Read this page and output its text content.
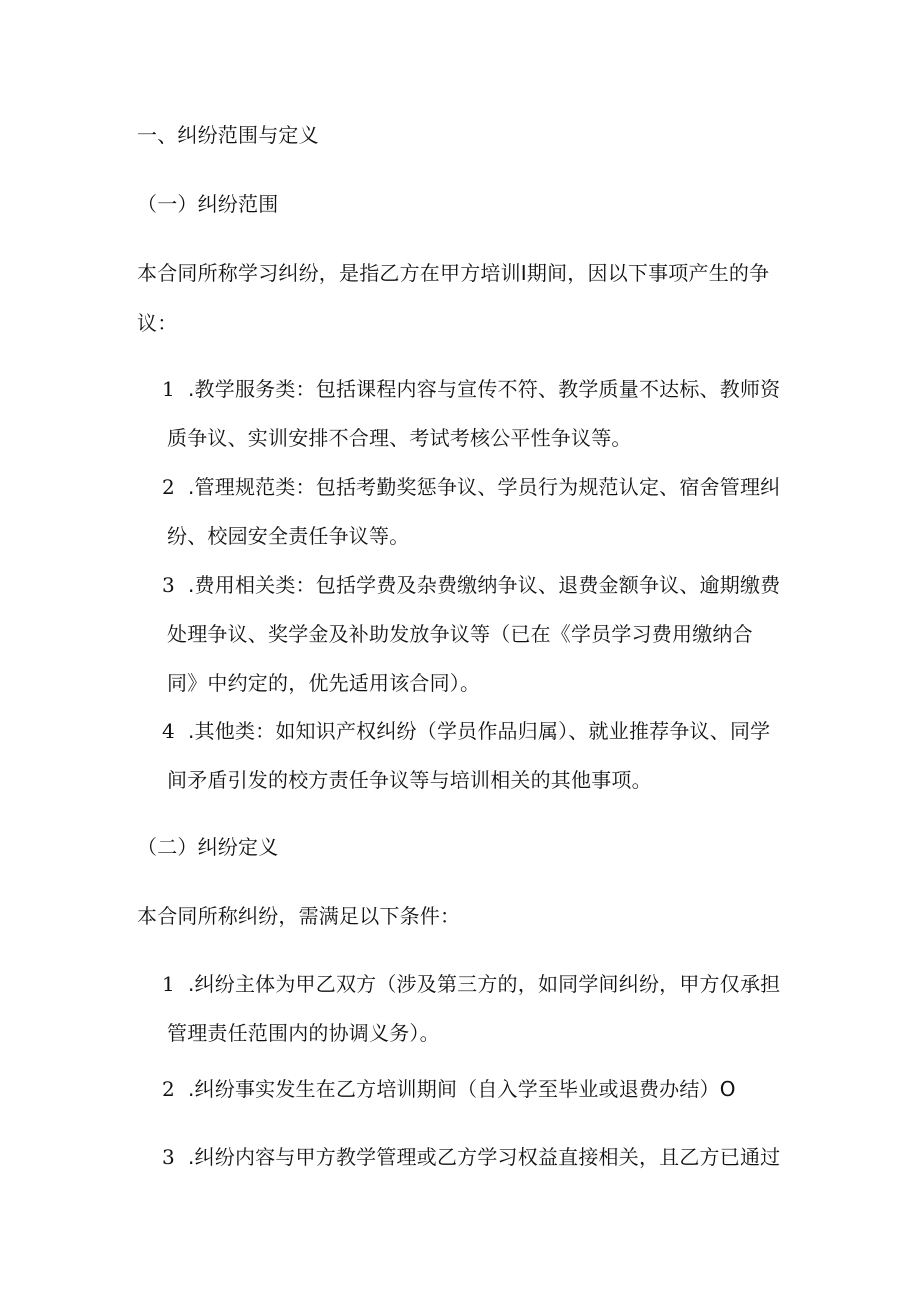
一、纠纷范围与定义
（一）纠纷范围
本合同所称学习纠纷，是指乙方在甲方培训I期间，因以下事项产生的争
议：
1 .教学服务类：包括课程内容与宣传不符、教学质量不达标、教师资
质争议、实训安排不合理、考试考核公平性争议等。
2 .管理规范类：包括考勤奖惩争议、学员行为规范认定、宿舍管理纠
纷、校园安全责任争议等。
3 .费用相关类：包括学费及杂费缴纳争议、退费金额争议、逾期缴费
处理争议、奖学金及补助发放争议等（已在《学员学习费用缴纳合
同》中约定的，优先适用该合同）。
4 .其他类：如知识产权纠纷（学员作品归属）、就业推荐争议、同学
间矛盾引发的校方责任争议等与培训相关的其他事项。
（二）纠纷定义
本合同所称纠纷，需满足以下条件：
1 .纠纷主体为甲乙双方（涉及第三方的，如同学间纠纷，甲方仅承担
管理责任范围内的协调义务）。
2 .纠纷事实发生在乙方培训期间（自入学至毕业或退费办结）O
3 .纠纷内容与甲方教学管理或乙方学习权益直接相关，且乙方已通过
